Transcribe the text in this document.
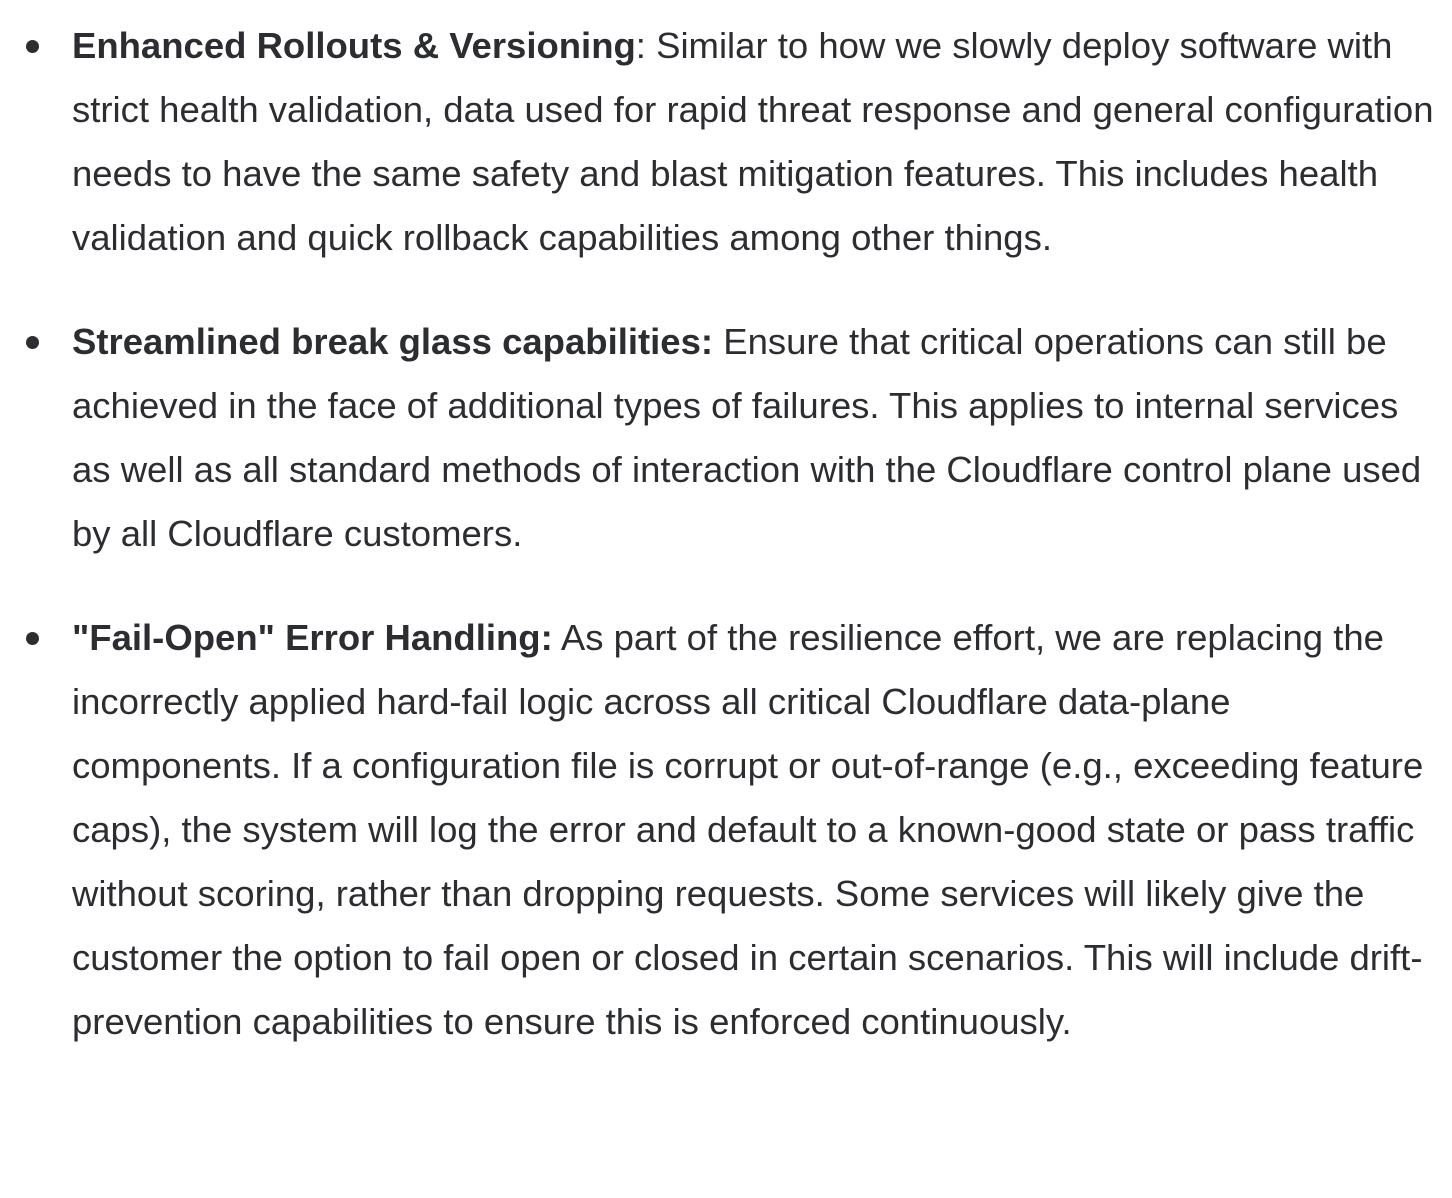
Enhanced Rollouts & Versioning: Similar to how we slowly deploy software with strict health validation, data used for rapid threat response and general configuration needs to have the same safety and blast mitigation features. This includes health validation and quick rollback capabilities among other things.
Streamlined break glass capabilities: Ensure that critical operations can still be achieved in the face of additional types of failures. This applies to internal services as well as all standard methods of interaction with the Cloudflare control plane used by all Cloudflare customers.
"Fail-Open" Error Handling: As part of the resilience effort, we are replacing the incorrectly applied hard-fail logic across all critical Cloudflare data-plane components. If a configuration file is corrupt or out-of-range (e.g., exceeding feature caps), the system will log the error and default to a known-good state or pass traffic without scoring, rather than dropping requests. Some services will likely give the customer the option to fail open or closed in certain scenarios. This will include drift-prevention capabilities to ensure this is enforced continuously.
